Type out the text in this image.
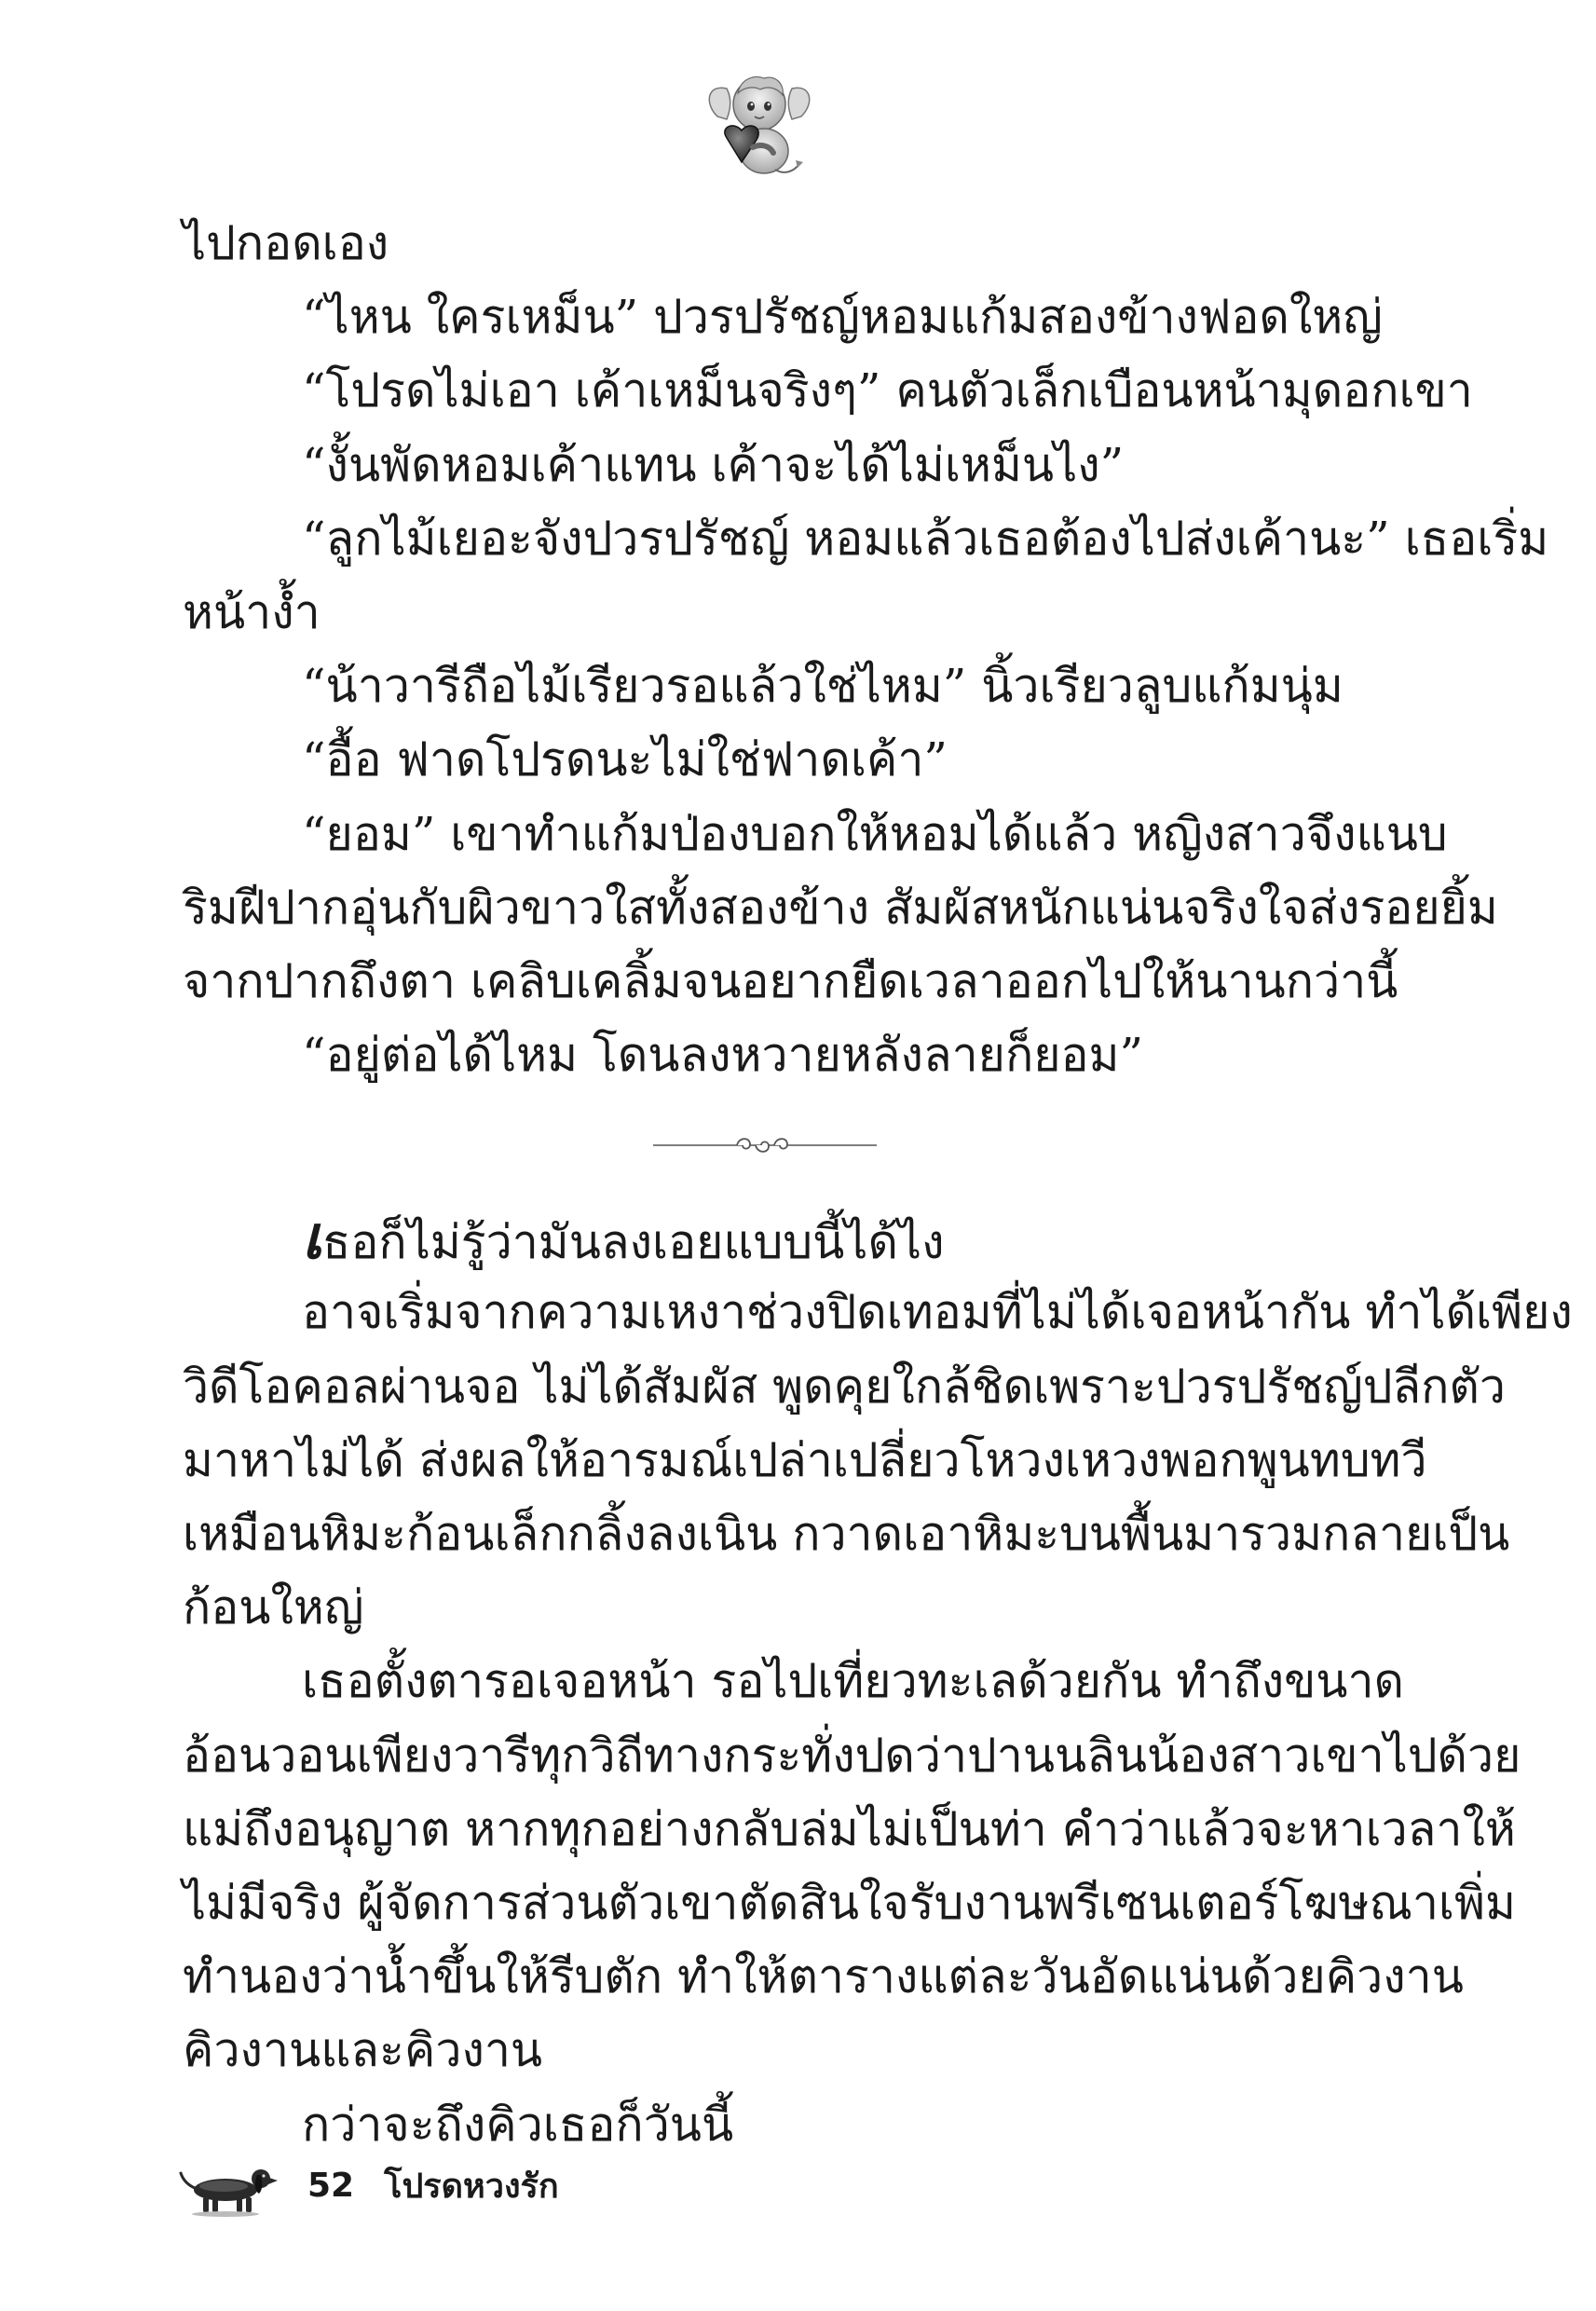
ไปกอดเอง
“ไหน ใครเหม็น” ปวรปรัชญ์หอมแก้มสองข้างฟอดใหญ่
“โปรดไม่เอา เค้าเหม็นจริงๆ” คนตัวเล็กเบือนหน้ามุดอกเขา
“งั้นพัดหอมเค้าแทน เค้าจะได้ไม่เหม็นไง”
“ลูกไม้เยอะจังปวรปรัชญ์ หอมแล้วเธอต้องไปส่งเค้านะ” เธอเริ่ม
หน้างํ้า
“น้าวารีถือไม้เรียวรอแล้วใช่ไหม” นิ้วเรียวลูบแก้มนุ่ม
“อื้อ ฟาดโปรดนะไม่ใช่ฟาดเค้า”
“ยอม” เขาทำแก้มป่องบอกให้หอมได้แล้ว หญิงสาวจึงแนบ
ริมฝีปากอุ่นกับผิวขาวใสทั้งสองข้าง สัมผัสหนักแน่นจริงใจส่งรอยยิ้ม
จากปากถึงตา เคลิบเคลิ้มจนอยากยืดเวลาออกไปให้นานกว่านี้
“อยู่ต่อได้ไหม โดนลงหวายหลังลายก็ยอม”
เธอก็ไม่รู้ว่ามันลงเอยแบบนี้ได้ไง
อาจเริ่มจากความเหงาช่วงปิดเทอมที่ไม่ได้เจอหน้ากัน ทำได้เพียง
วิดีโอคอลผ่านจอ ไม่ได้สัมผัส พูดคุยใกล้ชิดเพราะปวรปรัชญ์ปลีกตัว
มาหาไม่ได้ ส่งผลให้อารมณ์เปล่าเปลี่ยวโหวงเหวงพอกพูนทบทวี
เหมือนหิมะก้อนเล็กกลิ้งลงเนิน กวาดเอาหิมะบนพื้นมารวมกลายเป็น
ก้อนใหญ่
เธอตั้งตารอเจอหน้า รอไปเที่ยวทะเลด้วยกัน ทำถึงขนาด
อ้อนวอนเพียงวารีทุกวิถีทางกระทั่งปดว่าปานนลินน้องสาวเขาไปด้วย
แม่ถึงอนุญาต หากทุกอย่างกลับล่มไม่เป็นท่า คำว่าแล้วจะหาเวลาให้
ไม่มีจริง ผู้จัดการส่วนตัวเขาตัดสินใจรับงานพรีเซนเตอร์โฆษณาเพิ่ม
ทำนองว่าน้ำขึ้นให้รีบตัก ทำให้ตารางแต่ละวันอัดแน่นด้วยคิวงาน
คิวงานและคิวงาน
กว่าจะถึงคิวเธอก็วันนี้
52 โปรดหวงรัก
